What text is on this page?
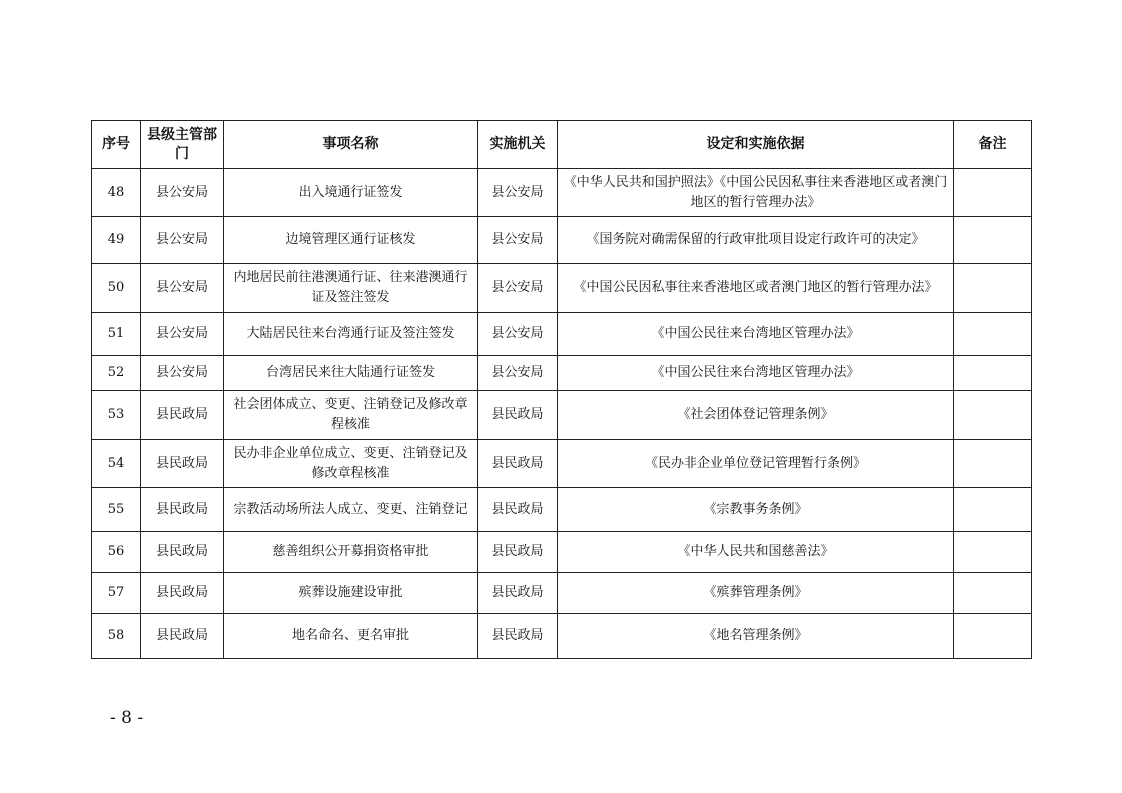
序号	县级主管部门	事项名称	实施机关	设定和实施依据	备注
48	县公安局	出入境通行证签发	县公安局	《中华人民共和国护照法》《中国公民因私事往来香港地区或者澳门地区的暂行管理办法》	
49	县公安局	边境管理区通行证核发	县公安局	《国务院对确需保留的行政审批项目设定行政许可的决定》	
50	县公安局	内地居民前往港澳通行证、往来港澳通行证及签注签发	县公安局	《中国公民因私事往来香港地区或者澳门地区的暂行管理办法》	
51	县公安局	大陆居民往来台湾通行证及签注签发	县公安局	《中国公民往来台湾地区管理办法》	
52	县公安局	台湾居民来往大陆通行证签发	县公安局	《中国公民往来台湾地区管理办法》	
53	县民政局	社会团体成立、变更、注销登记及修改章程核准	县民政局	《社会团体登记管理条例》	
54	县民政局	民办非企业单位成立、变更、注销登记及修改章程核准	县民政局	《民办非企业单位登记管理暂行条例》	
55	县民政局	宗教活动场所法人成立、变更、注销登记	县民政局	《宗教事务条例》	
56	县民政局	慈善组织公开募捐资格审批	县民政局	《中华人民共和国慈善法》	
57	县民政局	殡葬设施建设审批	县民政局	《殡葬管理条例》	
58	县民政局	地名命名、更名审批	县民政局	《地名管理条例》	
- 8 -
